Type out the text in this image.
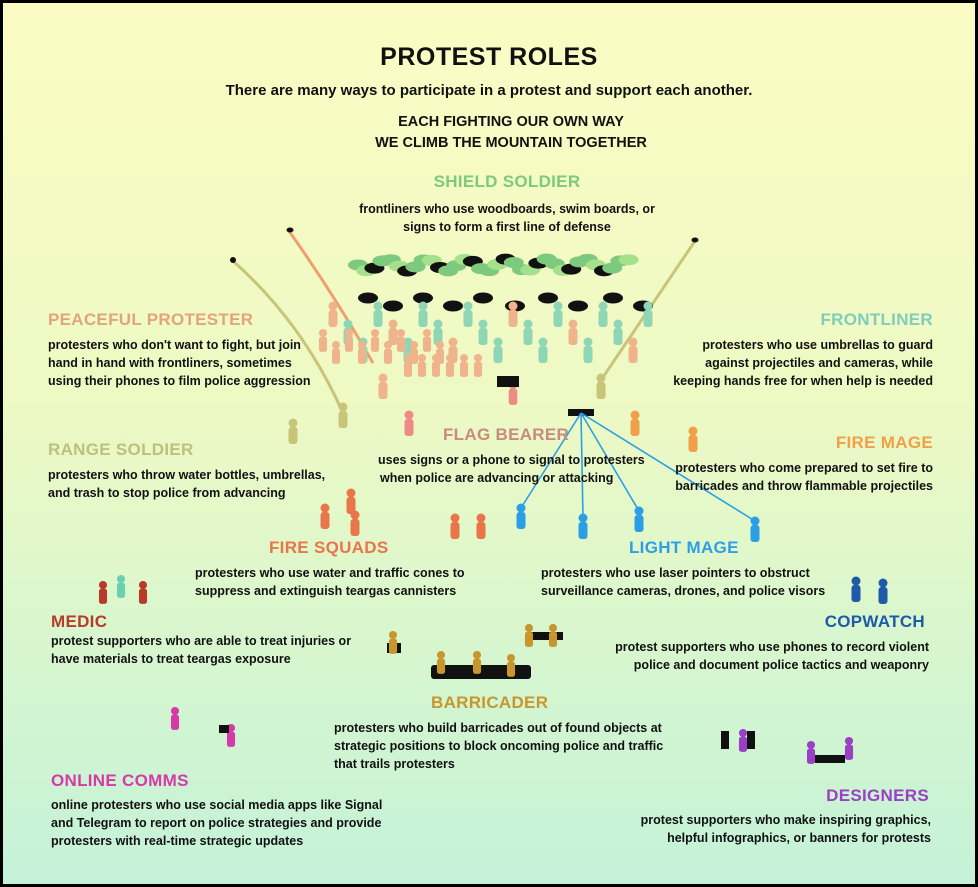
PROTEST ROLES
There are many ways to participate in a protest and support each another.
EACH FIGHTING OUR OWN WAY
WE CLIMB THE MOUNTAIN TOGETHER
SHIELD SOLDIER
frontliners who use woodboards, swim boards, or
signs to form a first line of defense
PEACEFUL PROTESTER
protesters who don't want to fight, but join
hand in hand with frontliners, sometimes
using their phones to film police aggression
FRONTLINER
protesters who use umbrellas to guard
against projectiles and cameras, while
keeping hands free for when help is needed
RANGE SOLDIER
protesters who throw water bottles, umbrellas,
and trash to stop police from advancing
FLAG BEARER
uses signs or a phone to signal to protesters
when police are advancing or attacking
FIRE MAGE
protesters who come prepared to set fire to
barricades and throw flammable projectiles
FIRE SQUADS
protesters who use water and traffic cones to
suppress and extinguish teargas cannisters
LIGHT MAGE
protesters who use laser pointers to obstruct
surveillance cameras, drones, and police visors
MEDIC
protest supporters who are able to treat injuries or
have materials to treat teargas exposure
COPWATCH
protest supporters who use phones to record violent
police and document police tactics and weaponry
BARRICADER
protesters who build barricades out of found objects at
strategic positions to block oncoming police and traffic
that trails protesters
ONLINE COMMS
online protesters who use social media apps like Signal
and Telegram to report on police strategies and provide
protesters with real-time strategic updates
DESIGNERS
protest supporters who make inspiring graphics,
helpful infographics, or banners for protests
